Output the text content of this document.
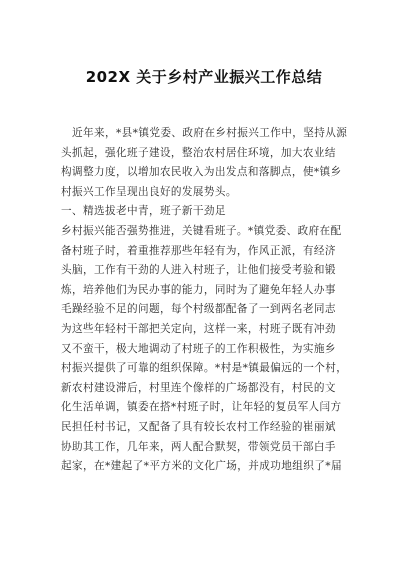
202X 关于乡村产业振兴工作总结
　近年来，*县*镇党委、政府在乡村振兴工作中，坚持从源
头抓起，强化班子建设，整治农村居住环境，加大农业结
构调整力度，以增加农民收入为出发点和落脚点，使*镇乡
村振兴工作呈现出良好的发展势头。
一、精选拔老中青，班子新干劲足
乡村振兴能否强势推进，关键看班子。*镇党委、政府在配
备村班子时，着重推荐那些年轻有为，作风正派，有经济
头脑，工作有干劲的人进入村班子，让他们接受考验和锻
炼，培养他们为民办事的能力，同时为了避免年轻人办事
毛躁经验不足的问题，每个村级都配备了一到两名老同志
为这些年轻村干部把关定向，这样一来，村班子既有冲劲
又不蛮干，极大地调动了村班子的工作积极性，为实施乡
村振兴提供了可靠的组织保障。*村是*镇最偏远的一个村，
新农村建设滞后，村里连个像样的广场都没有，村民的文
化生活单调，镇委在搭*村班子时，让年轻的复员军人闫方
民担任村书记，又配备了具有较长农村工作经验的崔丽斌
协助其工作，几年来，两人配合默契，带领党员干部白手
起家，在*建起了*平方米的文化广场，并成功地组织了*届
